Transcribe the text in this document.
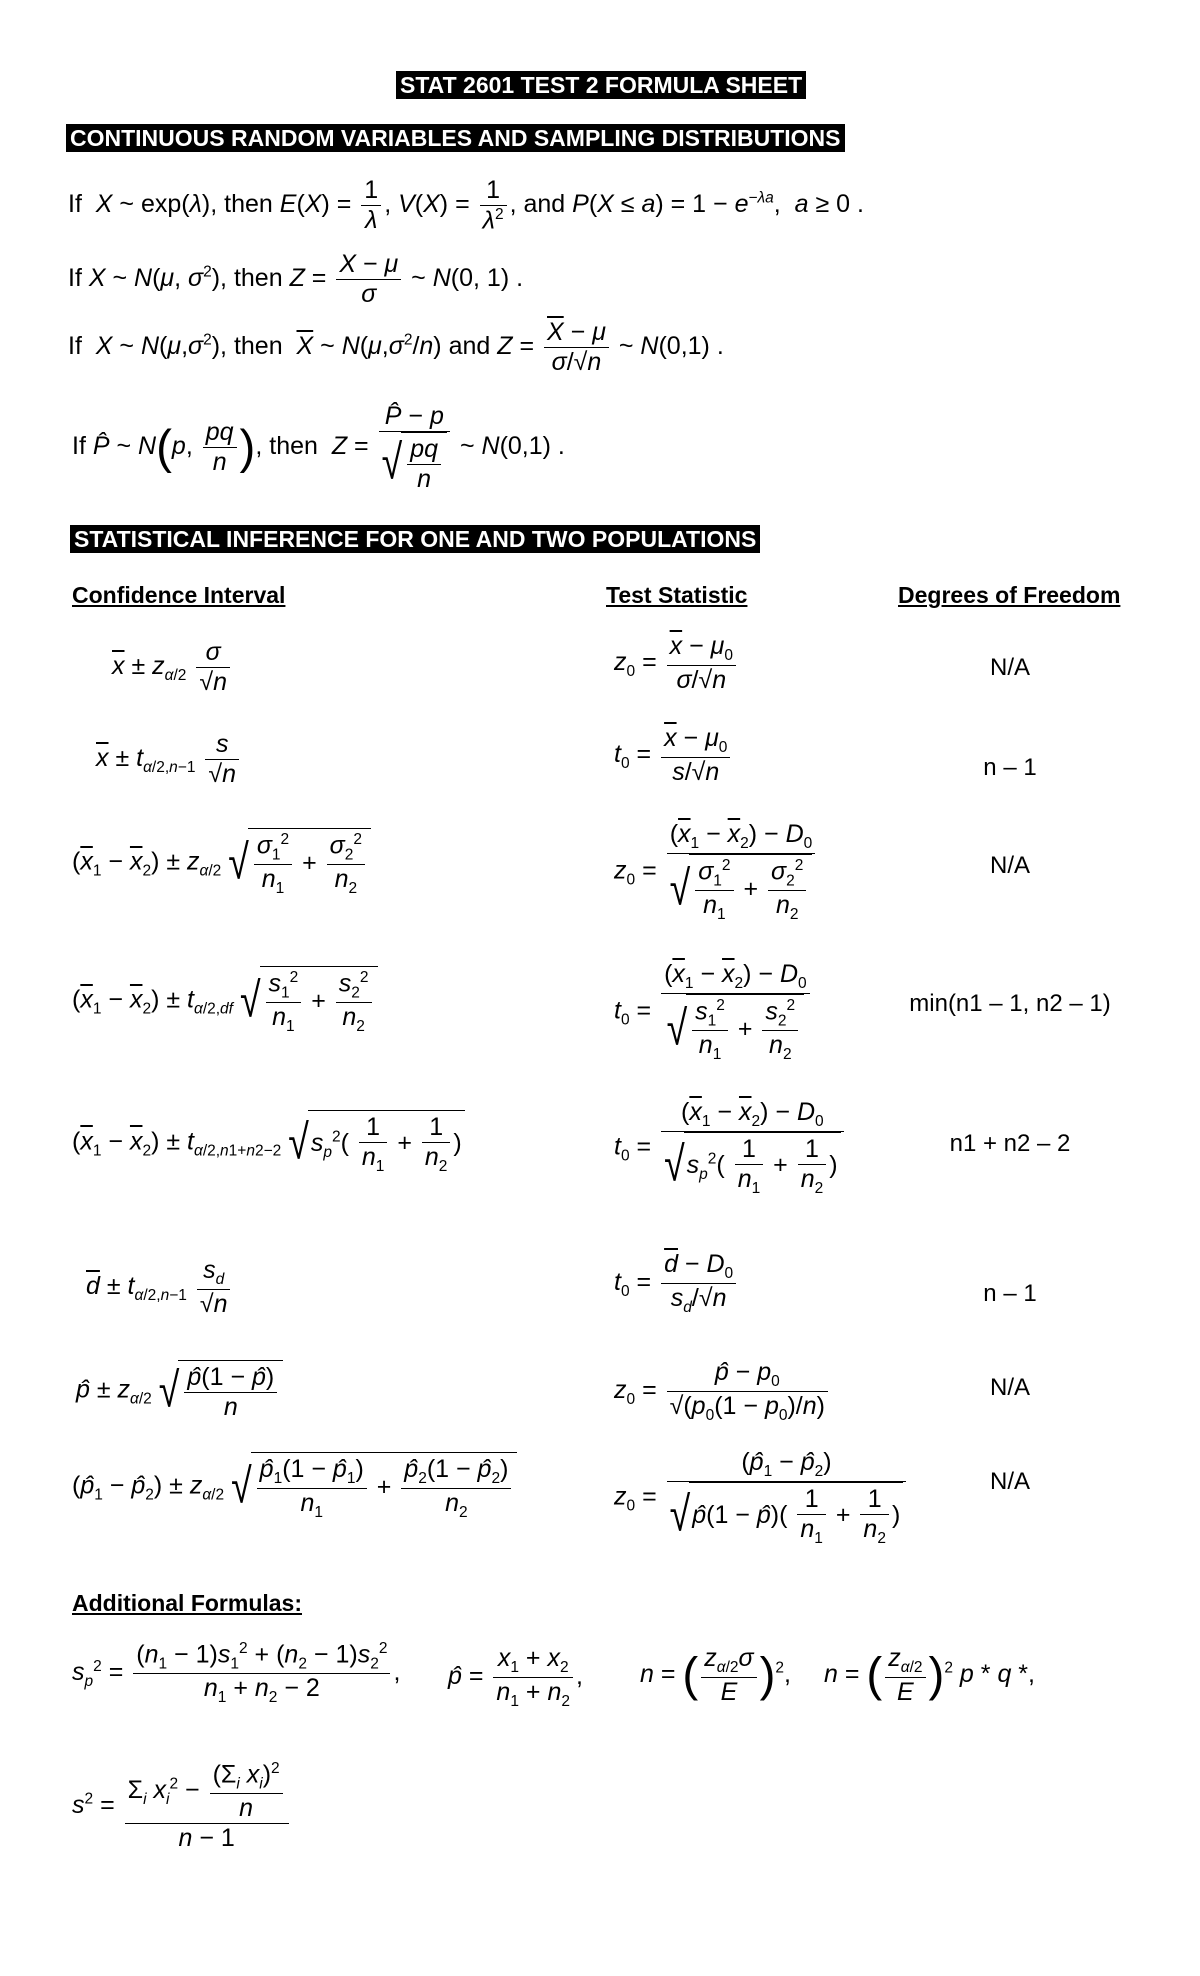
STAT 2601 TEST 2 FORMULA SHEET
CONTINUOUS RANDOM VARIABLES AND SAMPLING DISTRIBUTIONS
If  X ~ exp(λ), then $E(X) = \frac{1}{\lambda}$ , $V(X) = \frac{1}{\lambda^2}$ , and $P(X \le a) = 1 - e^{-\lambda a}$,  a ≥ 0 .
If X ~ N(μ, $\sigma^2$), then $Z = \frac{X - \mu}{\sigma}$ ~ N(0, 1) .
If  X ~ $N(\mu,\sigma^2)$, then  $\overline{X}$ ~ $N(\mu,\sigma^2/n)$ and $Z = \frac{\overline{X} - \mu}{\sigma/√n}$ ~ N(0,1) .
If P̂ ~ N(p, $\frac{pq}{n}$ ), then  $Z = \frac{P̂ - p}{√ \frac{pq}{n}}$ ~ N(0,1) .
STATISTICAL INFERENCE FOR ONE AND TWO POPULATIONS
Confidence Interval	Test Statistic	Degrees of Freedom
$\overline{x} \pm z_{\alpha/2} \frac{\sigma}{√n}$	$z_0 = \frac{\overline{x} - \mu_0}{\sigma/√n}$	N/A
$\overline{x} \pm t_{\alpha/2,n-1} \frac{s}{√n}$	$t_0 = \frac{\overline{x} - \mu_0}{s/√n}$	n – 1
$(\overline{x}_1 - \overline{x}_2) \pm z_{\alpha/2}$ √ $\frac{\sigma_1^2}{n_1} + \frac{\sigma_2^2}{n_2}$	$z_0 = \frac{(\overline{x}_1 - \overline{x}_2) - D_0}{√ \frac{\sigma_1^2}{n_1} + \frac{\sigma_2^2}{n_2}}$	N/A
$(\overline{x}_1 - \overline{x}_2) \pm t_{\alpha/2,df}$ √ $\frac{s_1^2}{n_1} + \frac{s_2^2}{n_2}$	$t_0 = \frac{(\overline{x}_1 - \overline{x}_2) - D_0}{√ \frac{s_1^2}{n_1} + \frac{s_2^2}{n_2}}$	min(n1 – 1, n2 – 1)
$(\overline{x}_1 - \overline{x}_2) \pm t_{\alpha/2,n1+n2-2}$ $√s_p^2( \frac{1}{n_1} + \frac{1}{n_2}$ )	$t_0 = \frac{(\overline{x}_1 - \overline{x}_2) - D_0}{√s_p^2( \frac{1}{n_1} + \frac{1}{n_2} )}$	n1 + n2 – 2
$\overline{d} \pm t_{\alpha/2,n-1} \frac{s_d}{√n}$	$t_0 = \frac{\overline{d} - D_0}{s_d/√n}$	n – 1
p̂ ± $z_{\alpha/2}$ √ $\frac{p̂(1 - p̂)}{n}$	$z_0 = \frac{p̂ - p_0}{√(p_0(1 - p_0)/n)}$	N/A
($p̂_1$ − $p̂_2) \pm z_{\alpha/2}$ √ $\frac{p̂_1(1 - p̂_1)}{n_1} + \frac{p̂_2(1 - p̂_2)}{n_2}$	$z_0 = \frac{(p̂_1 - p̂_2)}{√p̂(1 - p̂)( \frac{1}{n_1} + \frac{1}{n_2} )}$	N/A
Additional Formulas:
$s_p^2 = \frac{(n_1 - 1)s_1^2 + (n_2 - 1)s_2^2}{n_1 + n_2 - 2}$ , p̂ = $\frac{x_1 + x_2}{n_1 + n_2}$ , n = ( $\frac{z_{\alpha/2}\sigma}{E} )^2$, n = ( $\frac{z_{\alpha/2}}{E} )^2$ p * q *,
$s^2 = \frac{\Sigma_i x_i^2 - \frac{(\Sigma_i x_i)^2}{n}}{n - 1}$
